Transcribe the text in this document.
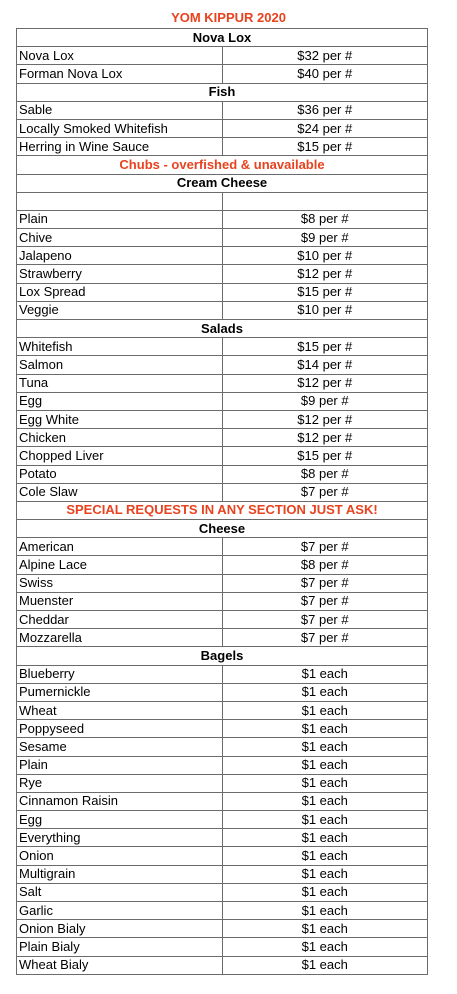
YOM KIPPUR 2020
Nova Lox	
Nova Lox	$32 per #
Forman Nova Lox	$40 per #
Fish	
Sable	$36 per #
Locally Smoked Whitefish	$24 per #
Herring in Wine Sauce	$15 per #
Chubs - overfished & unavailable	
Cream Cheese	

Plain	$8 per #
Chive	$9 per #
Jalapeno	$10 per #
Strawberry	$12 per #
Lox Spread	$15 per #
Veggie	$10 per #
Salads	
Whitefish	$15 per #
Salmon	$14 per #
Tuna	$12 per #
Egg	$9 per #
Egg White	$12 per #
Chicken	$12 per #
Chopped Liver	$15 per #
Potato	$8 per #
Cole Slaw	$7 per #
SPECIAL REQUESTS IN ANY SECTION JUST ASK!	
Cheese	
American	$7 per #
Alpine Lace	$8 per #
Swiss	$7 per #
Muenster	$7 per #
Cheddar	$7 per #
Mozzarella	$7 per #
Bagels	
Blueberry	$1 each
Pumernickle	$1 each
Wheat	$1 each
Poppyseed	$1 each
Sesame	$1 each
Plain	$1 each
Rye	$1 each
Cinnamon Raisin	$1 each
Egg	$1 each
Everything	$1 each
Onion	$1 each
Multigrain	$1 each
Salt	$1 each
Garlic	$1 each
Onion Bialy	$1 each
Plain Bialy	$1 each
Wheat Bialy	$1 each
